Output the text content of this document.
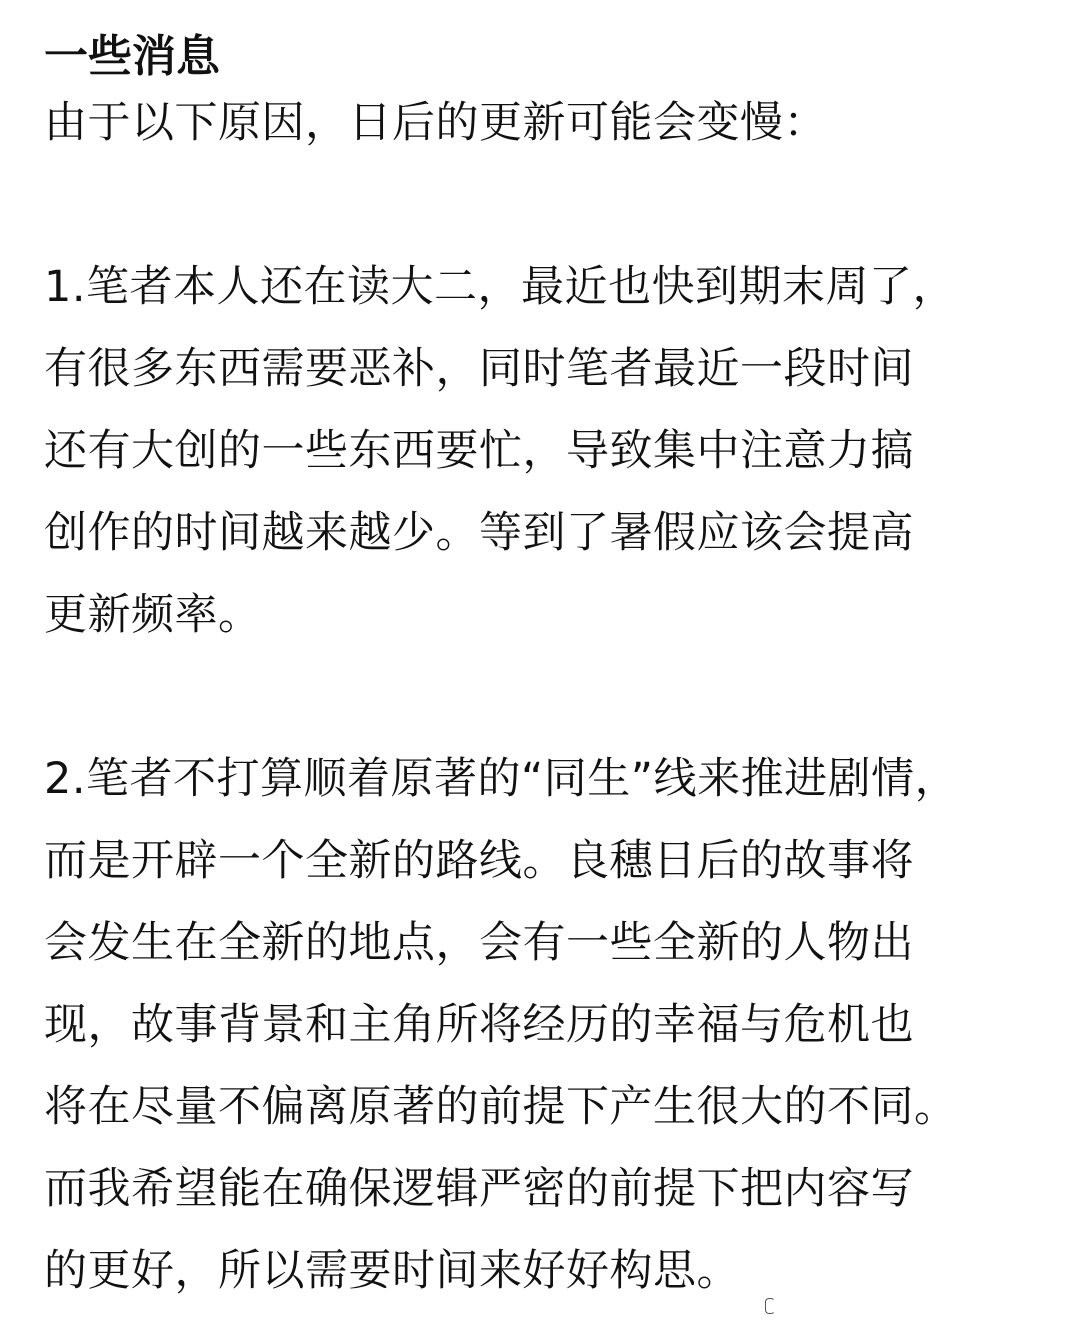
一些消息
由于以下原因，日后的更新可能会变慢：
1.笔者本人还在读大二，最近也快到期末周了，
有很多东西需要恶补，同时笔者最近一段时间
还有大创的一些东西要忙，导致集中注意力搞
创作的时间越来越少。等到了暑假应该会提高
更新频率。
2.笔者不打算顺着原著的“同生”线来推进剧情，
而是开辟一个全新的路线。良穗日后的故事将
会发生在全新的地点，会有一些全新的人物出
现，故事背景和主角所将经历的幸福与危机也
将在尽量不偏离原著的前提下产生很大的不同。
而我希望能在确保逻辑严密的前提下把内容写
的更好，所以需要时间来好好构思。
